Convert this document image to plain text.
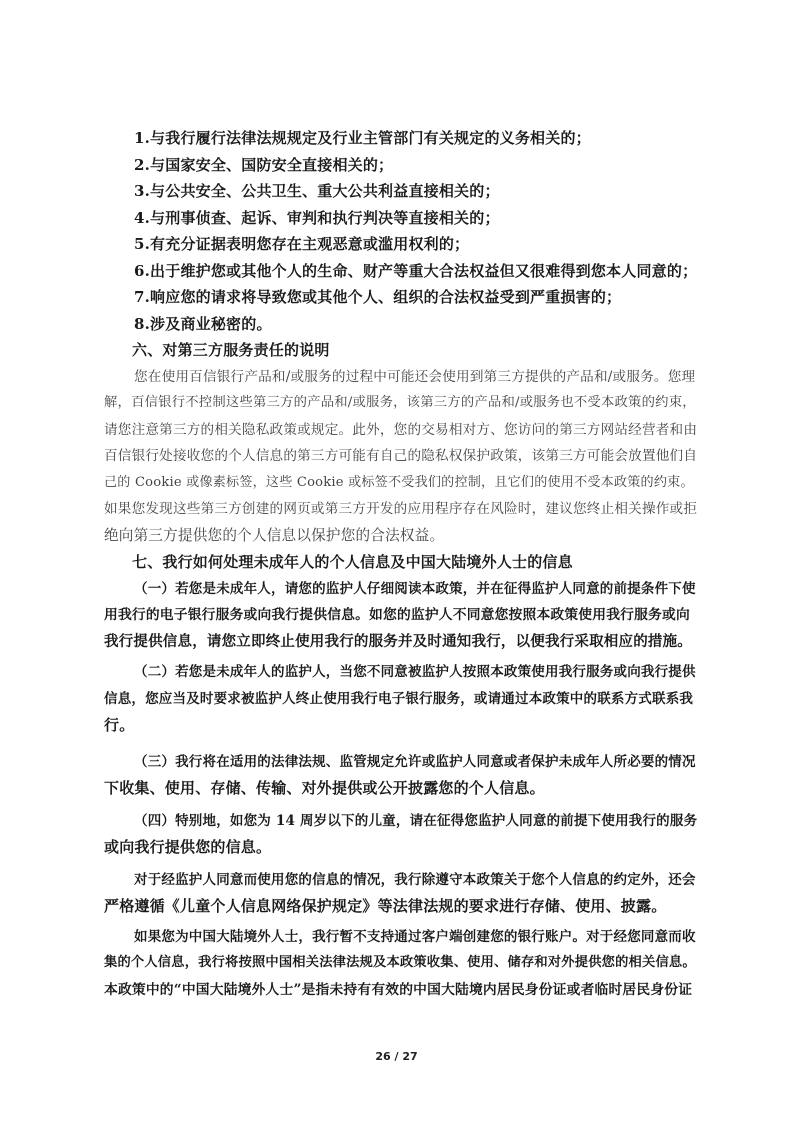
1.与我行履行法律法规规定及行业主管部门有关规定的义务相关的；
2.与国家安全、国防安全直接相关的；
3.与公共安全、公共卫生、重大公共利益直接相关的；
4.与刑事侦查、起诉、审判和执行判决等直接相关的；
5.有充分证据表明您存在主观恶意或滥用权利的；
6.出于维护您或其他个人的生命、财产等重大合法权益但又很难得到您本人同意的；
7.响应您的请求将导致您或其他个人、组织的合法权益受到严重损害的；
8.涉及商业秘密的。
六、对第三方服务责任的说明
您在使用百信银行产品和/或服务的过程中可能还会使用到第三方提供的产品和/或服务。您理
解，百信银行不控制这些第三方的产品和/或服务，该第三方的产品和/或服务也不受本政策的约束，
请您注意第三方的相关隐私政策或规定。此外，您的交易相对方、您访问的第三方网站经营者和由
百信银行处接收您的个人信息的第三方可能有自己的隐私权保护政策，该第三方可能会放置他们自
己的 Cookie 或像素标签，这些 Cookie 或标签不受我们的控制，且它们的使用不受本政策的约束。
如果您发现这些第三方创建的网页或第三方开发的应用程序存在风险时，建议您终止相关操作或拒
绝向第三方提供您的个人信息以保护您的合法权益。
七、我行如何处理未成年人的个人信息及中国大陆境外人士的信息
（一）若您是未成年人，请您的监护人仔细阅读本政策，并在征得监护人同意的前提条件下使
用我行的电子银行服务或向我行提供信息。如您的监护人不同意您按照本政策使用我行服务或向
我行提供信息，请您立即终止使用我行的服务并及时通知我行，以便我行采取相应的措施。
（二）若您是未成年人的监护人，当您不同意被监护人按照本政策使用我行服务或向我行提供
信息，您应当及时要求被监护人终止使用我行电子银行服务，或请通过本政策中的联系方式联系我
行。
（三）我行将在适用的法律法规、监管规定允许或监护人同意或者保护未成年人所必要的情况
下收集、使用、存储、传输、对外提供或公开披露您的个人信息。
（四）特别地，如您为 14 周岁以下的儿童，请在征得您监护人同意的前提下使用我行的服务
或向我行提供您的信息。
对于经监护人同意而使用您的信息的情况，我行除遵守本政策关于您个人信息的约定外，还会
严格遵循《儿童个人信息网络保护规定》等法律法规的要求进行存储、使用、披露。
如果您为中国大陆境外人士，我行暂不支持通过客户端创建您的银行账户。对于经您同意而收
集的个人信息，我行将按照中国相关法律法规及本政策收集、使用、储存和对外提供您的相关信息。
本政策中的“中国大陆境外人士”是指未持有有效的中国大陆境内居民身份证或者临时居民身份证
26 / 27
